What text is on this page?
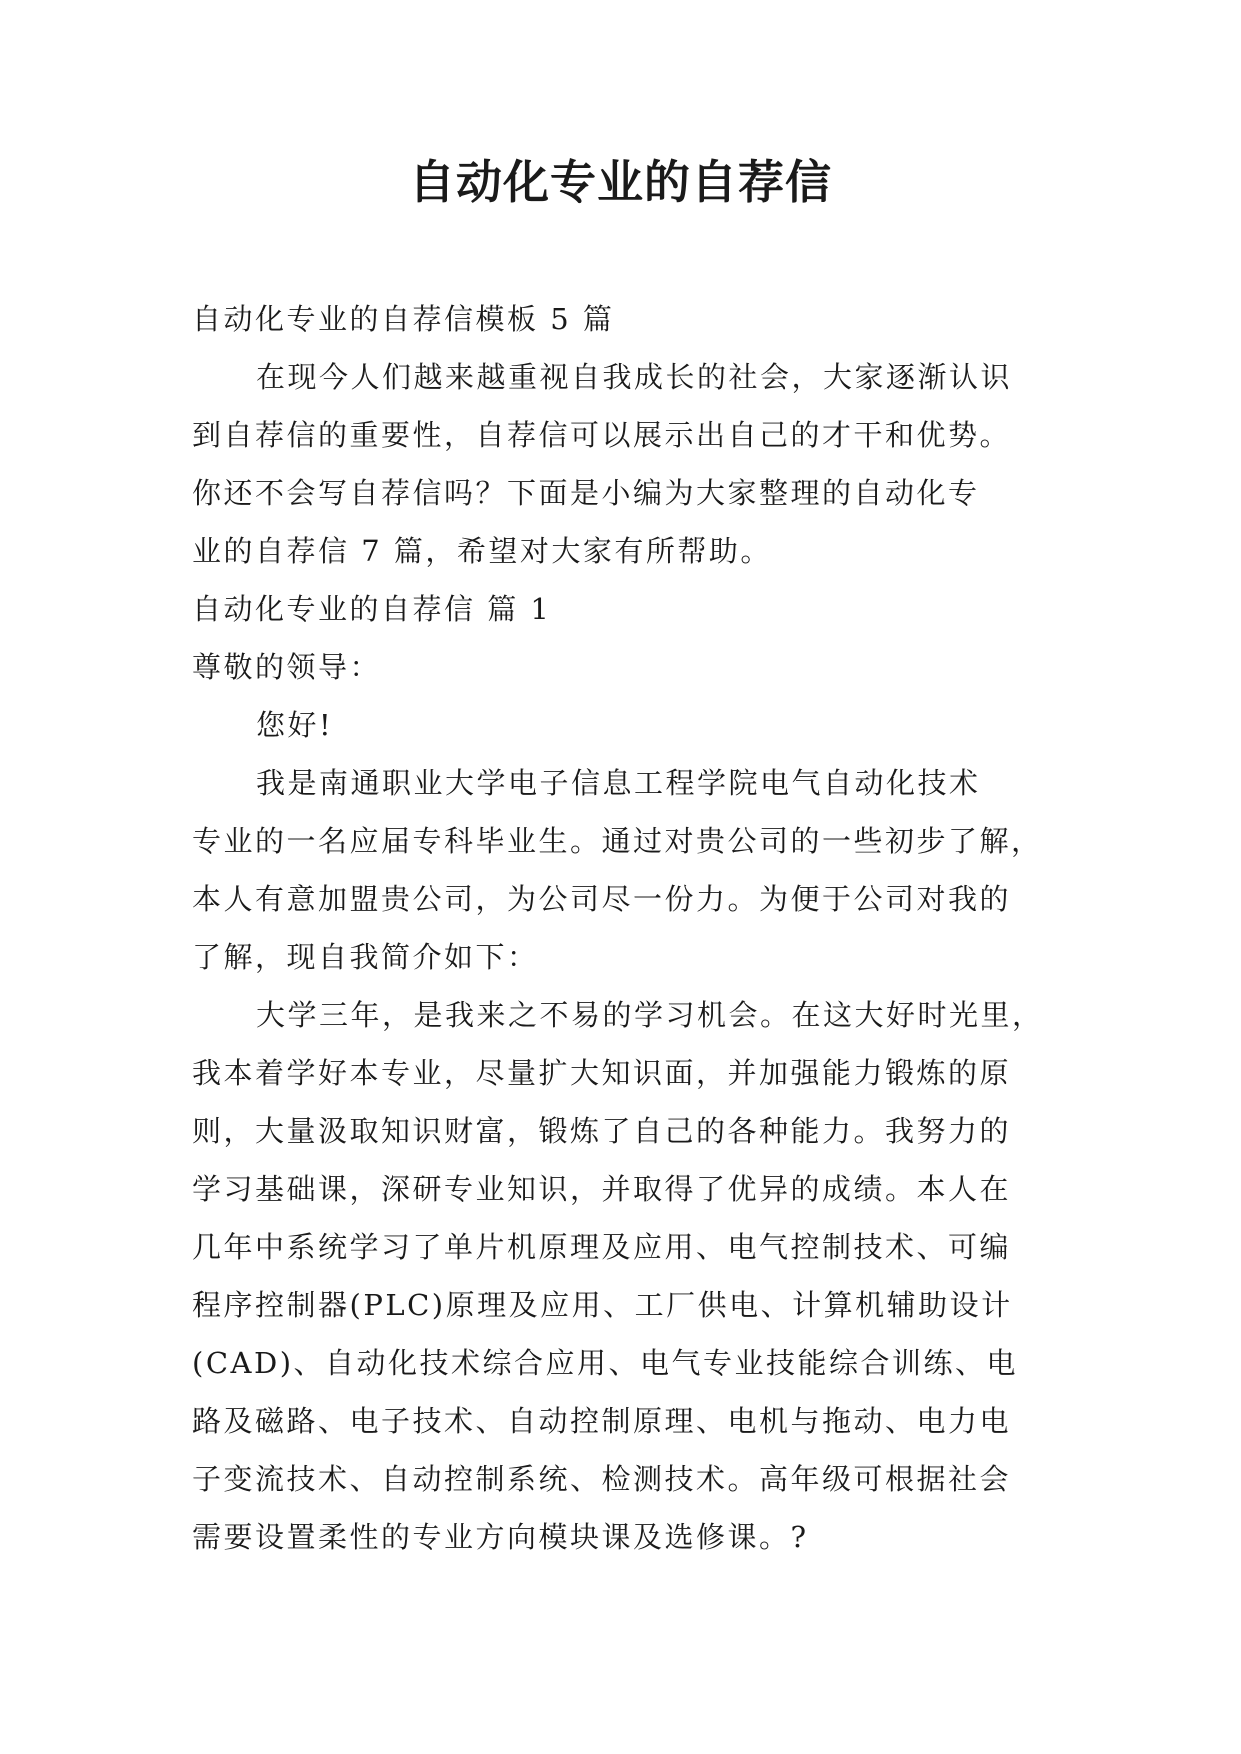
自动化专业的自荐信
自动化专业的自荐信模板 5 篇
在现今人们越来越重视自我成长的社会，大家逐渐认识
到自荐信的重要性，自荐信可以展示出自己的才干和优势。
你还不会写自荐信吗？下面是小编为大家整理的自动化专
业的自荐信 7 篇，希望对大家有所帮助。
自动化专业的自荐信 篇 1
尊敬的领导：
您好!
我是南通职业大学电子信息工程学院电气自动化技术
专业的一名应届专科毕业生。通过对贵公司的一些初步了解，
本人有意加盟贵公司，为公司尽一份力。为便于公司对我的
了解，现自我简介如下：
大学三年，是我来之不易的学习机会。在这大好时光里，
我本着学好本专业，尽量扩大知识面，并加强能力锻炼的原
则，大量汲取知识财富，锻炼了自己的各种能力。我努力的
学习基础课，深研专业知识，并取得了优异的成绩。本人在
几年中系统学习了单片机原理及应用、电气控制技术、可编
程序控制器(PLC)原理及应用、工厂供电、计算机辅助设计
(CAD)、自动化技术综合应用、电气专业技能综合训练、电
路及磁路、电子技术、自动控制原理、电机与拖动、电力电
子变流技术、自动控制系统、检测技术。高年级可根据社会
需要设置柔性的专业方向模块课及选修课。?
